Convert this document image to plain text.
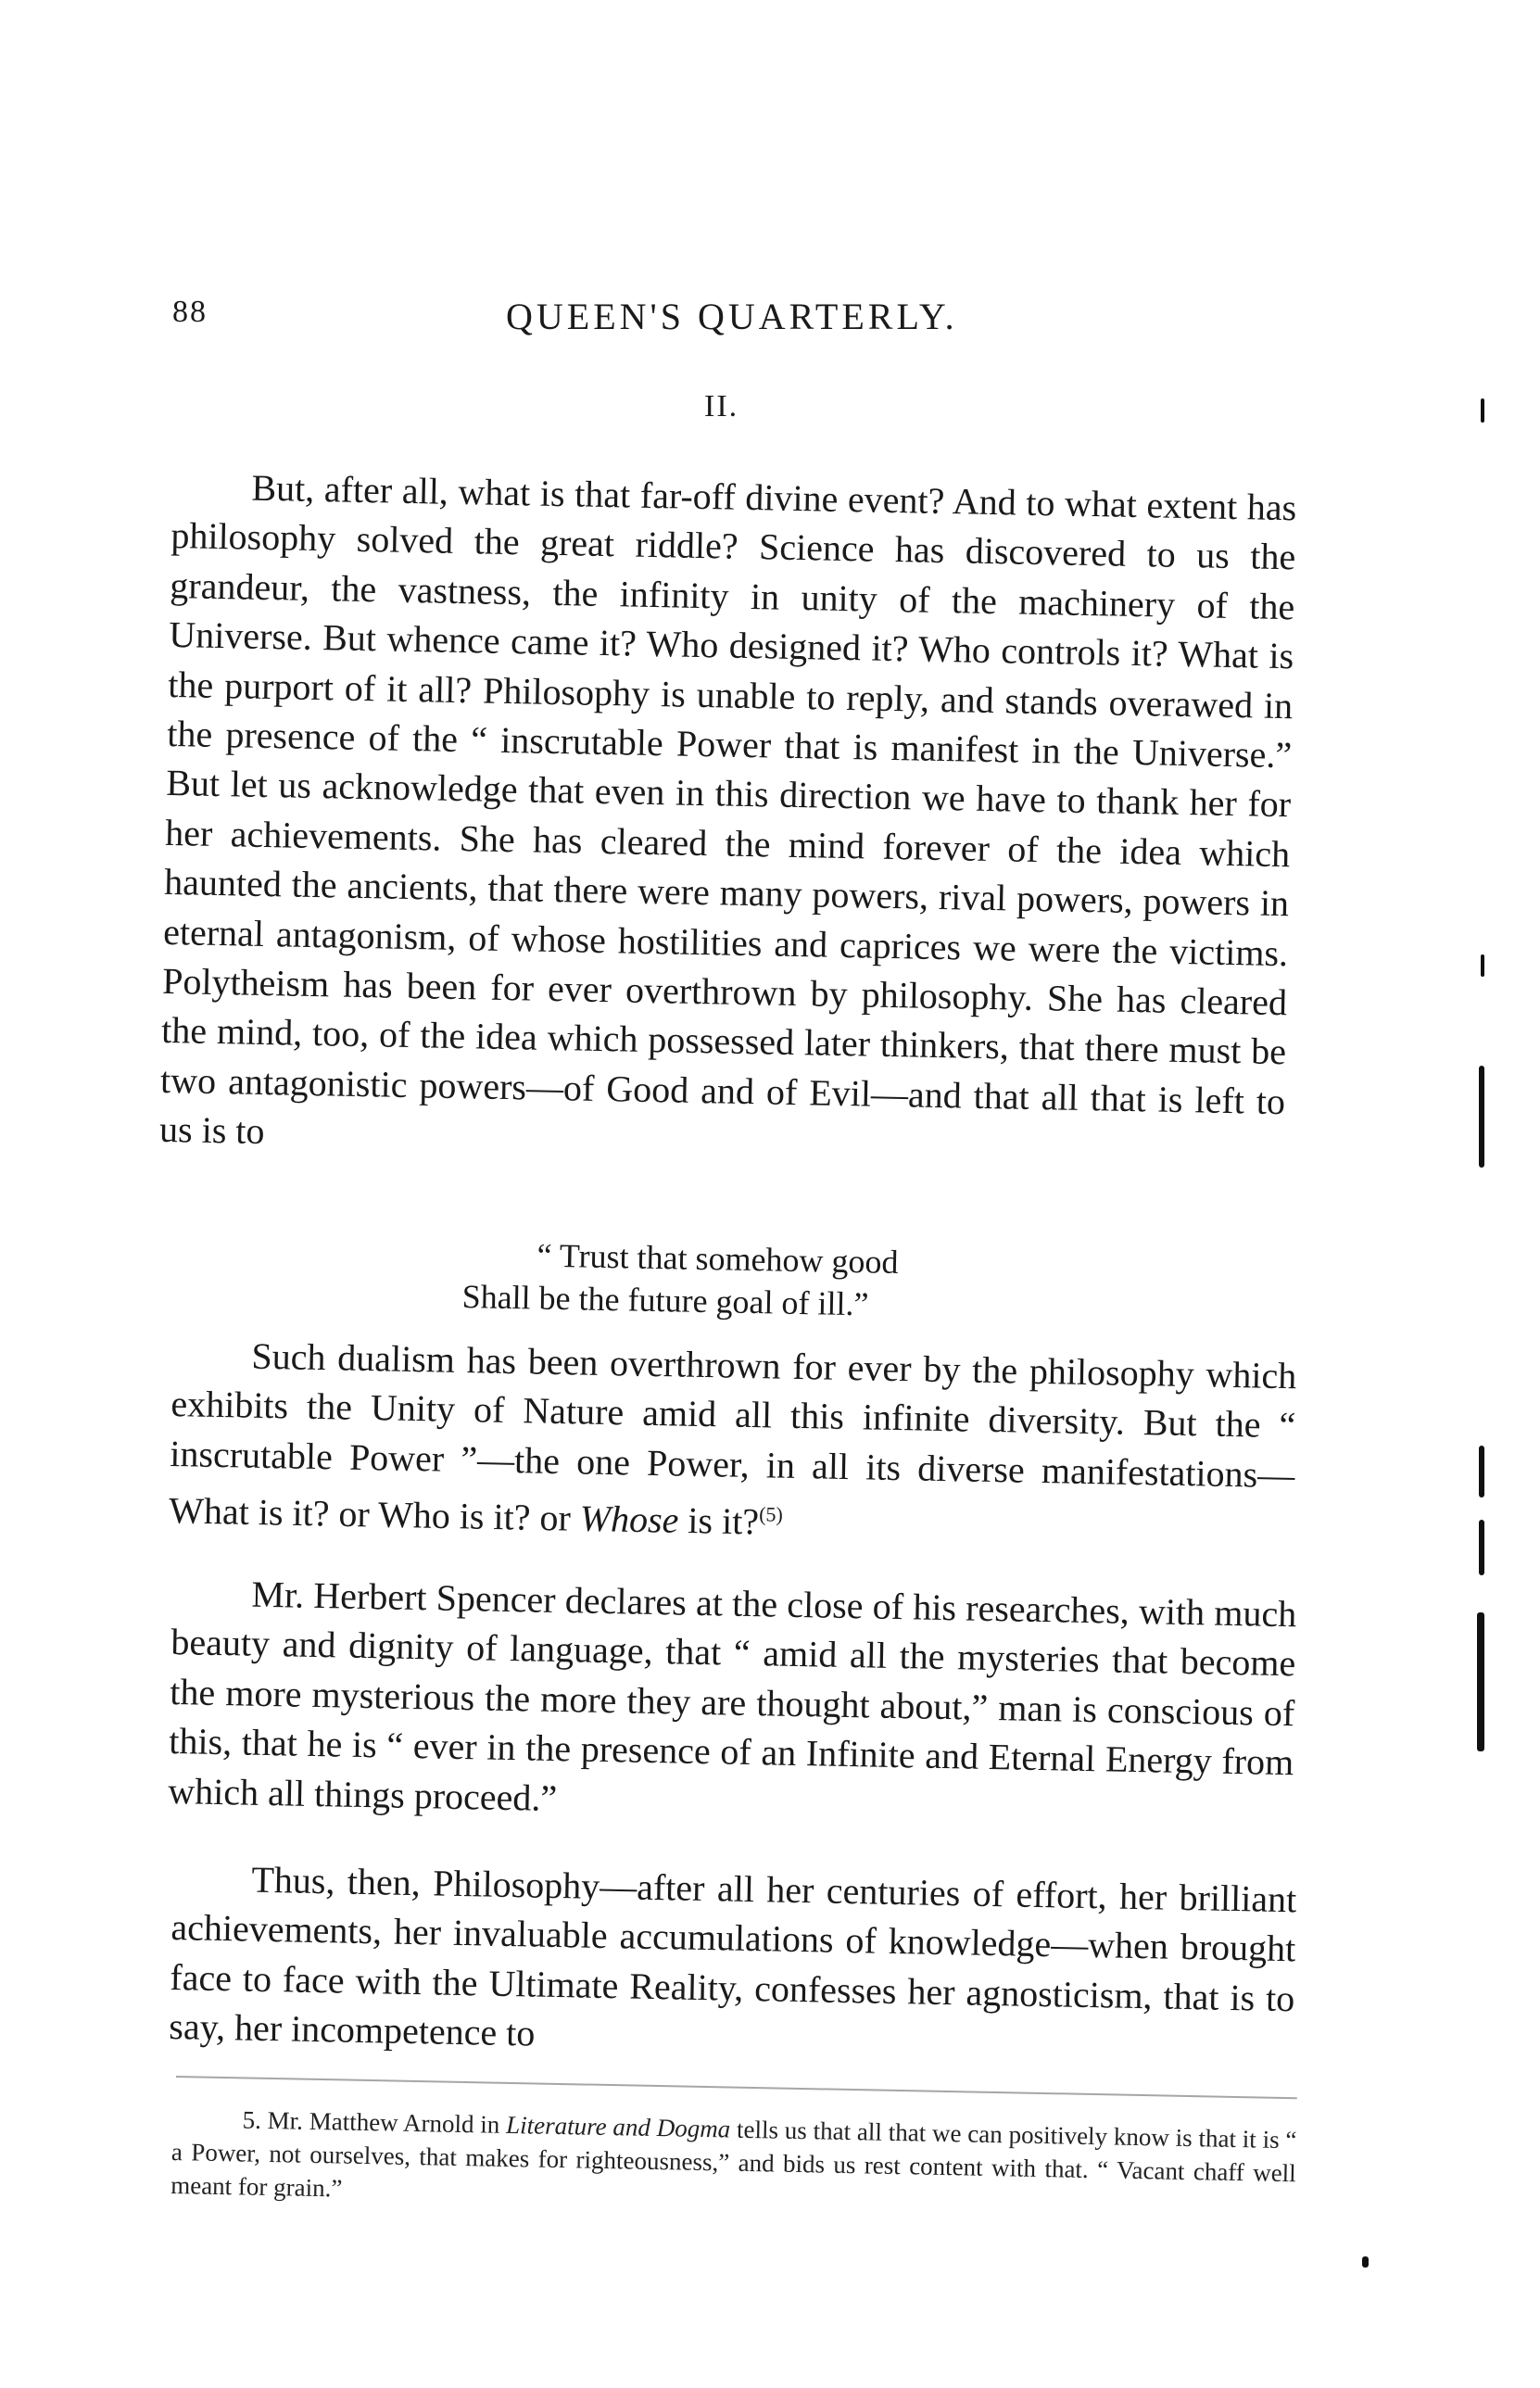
88	QUEEN'S QUARTERLY.
II.

But, after all, what is that far-off divine event? And to what extent has philosophy solved the great riddle? Science has discovered to us the grandeur, the vastness, the infinity in unity of the machinery of the Universe. But whence came it? Who designed it? Who controls it? What is the purport of it all? Philosophy is unable to reply, and stands overawed in the presence of the “ inscrutable Power that is manifest in the Universe.” But let us acknowledge that even in this direction we have to thank her for her achievements. She has cleared the mind forever of the idea which haunted the ancients, that there were many powers, rival powers, powers in eternal antagonism, of whose hostilities and caprices we were the victims. Polytheism has been for ever overthrown by philosophy. She has cleared the mind, too, of the idea which possessed later thinkers, that there must be two antagonistic powers—of Good and of Evil—and that all that is left to us is to

“ Trust that somehow good
Shall be the future goal of ill.”

Such dualism has been overthrown for ever by the philosophy which exhibits the Unity of Nature amid all this infinite diversity. But the “ inscrutable Power ”—the one Power, in all its diverse manifestations—What is it? or Who is it? or Whose is it?$^{(5)}$

Mr. Herbert Spencer declares at the close of his researches, with much beauty and dignity of language, that “ amid all the mysteries that become the more mysterious the more they are thought about,” man is conscious of this, that he is “ ever in the presence of an Infinite and Eternal Energy from which all things proceed.”

Thus, then, Philosophy—after all her centuries of effort, her brilliant achievements, her invaluable accumulations of knowledge—when brought face to face with the Ultimate Reality, confesses her agnosticism, that is to say, her incompetence to

5. Mr. Matthew Arnold in Literature and Dogma tells us that all that we can positively know is that it is “ a Power, not ourselves, that makes for righteousness,” and bids us rest content with that. “ Vacant chaff well meant for grain.”
